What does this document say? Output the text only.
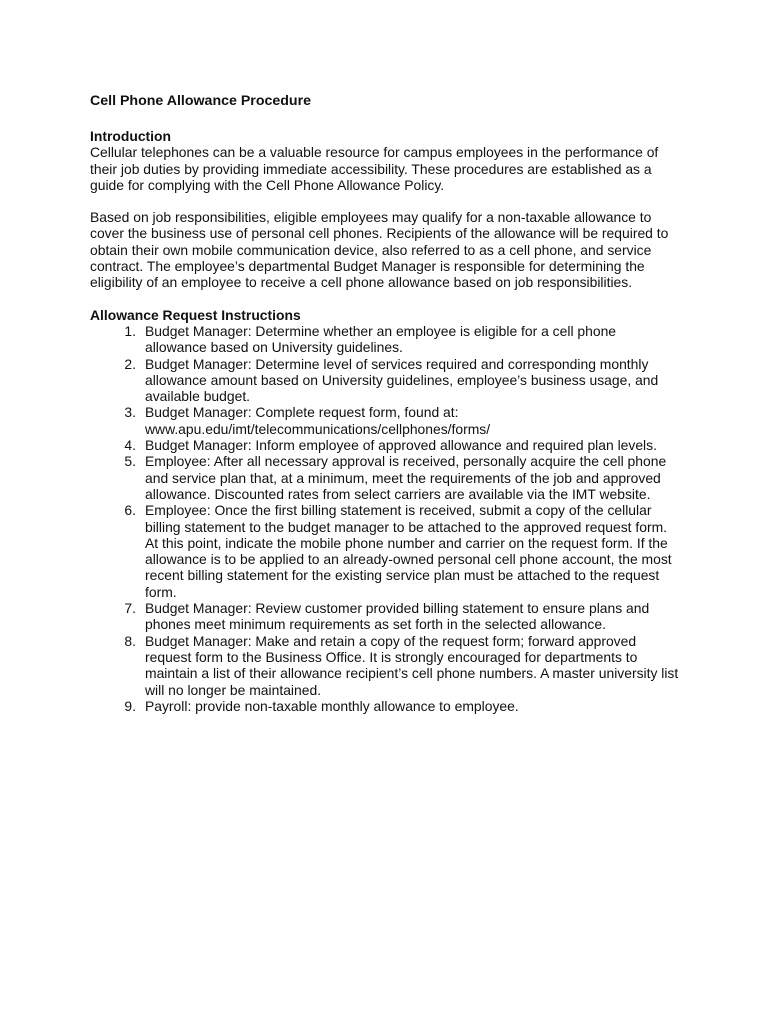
Cell Phone Allowance Procedure
Introduction

Cellular telephones can be a valuable resource for campus employees in the performance of their job duties by providing immediate accessibility. These procedures are established as a guide for complying with the Cell Phone Allowance Policy.

Based on job responsibilities, eligible employees may qualify for a non-taxable allowance to cover the business use of personal cell phones. Recipients of the allowance will be required to obtain their own mobile communication device, also referred to as a cell phone, and service contract. The employee’s departmental Budget Manager is responsible for determining the eligibility of an employee to receive a cell phone allowance based on job responsibilities.

Allowance Request Instructions
1. Budget Manager: Determine whether an employee is eligible for a cell phone allowance based on University guidelines.
2. Budget Manager: Determine level of services required and corresponding monthly allowance amount based on University guidelines, employee’s business usage, and available budget.
3. Budget Manager: Complete request form, found at: www.apu.edu/imt/telecommunications/cellphones/forms/
4. Budget Manager: Inform employee of approved allowance and required plan levels.
5. Employee: After all necessary approval is received, personally acquire the cell phone and service plan that, at a minimum, meet the requirements of the job and approved allowance. Discounted rates from select carriers are available via the IMT website.
6. Employee: Once the first billing statement is received, submit a copy of the cellular billing statement to the budget manager to be attached to the approved request form. At this point, indicate the mobile phone number and carrier on the request form. If the allowance is to be applied to an already-owned personal cell phone account, the most recent billing statement for the existing service plan must be attached to the request form.
7. Budget Manager: Review customer provided billing statement to ensure plans and phones meet minimum requirements as set forth in the selected allowance.
8. Budget Manager: Make and retain a copy of the request form; forward approved request form to the Business Office. It is strongly encouraged for departments to maintain a list of their allowance recipient’s cell phone numbers. A master university list will no longer be maintained.
9. Payroll: provide non-taxable monthly allowance to employee.
